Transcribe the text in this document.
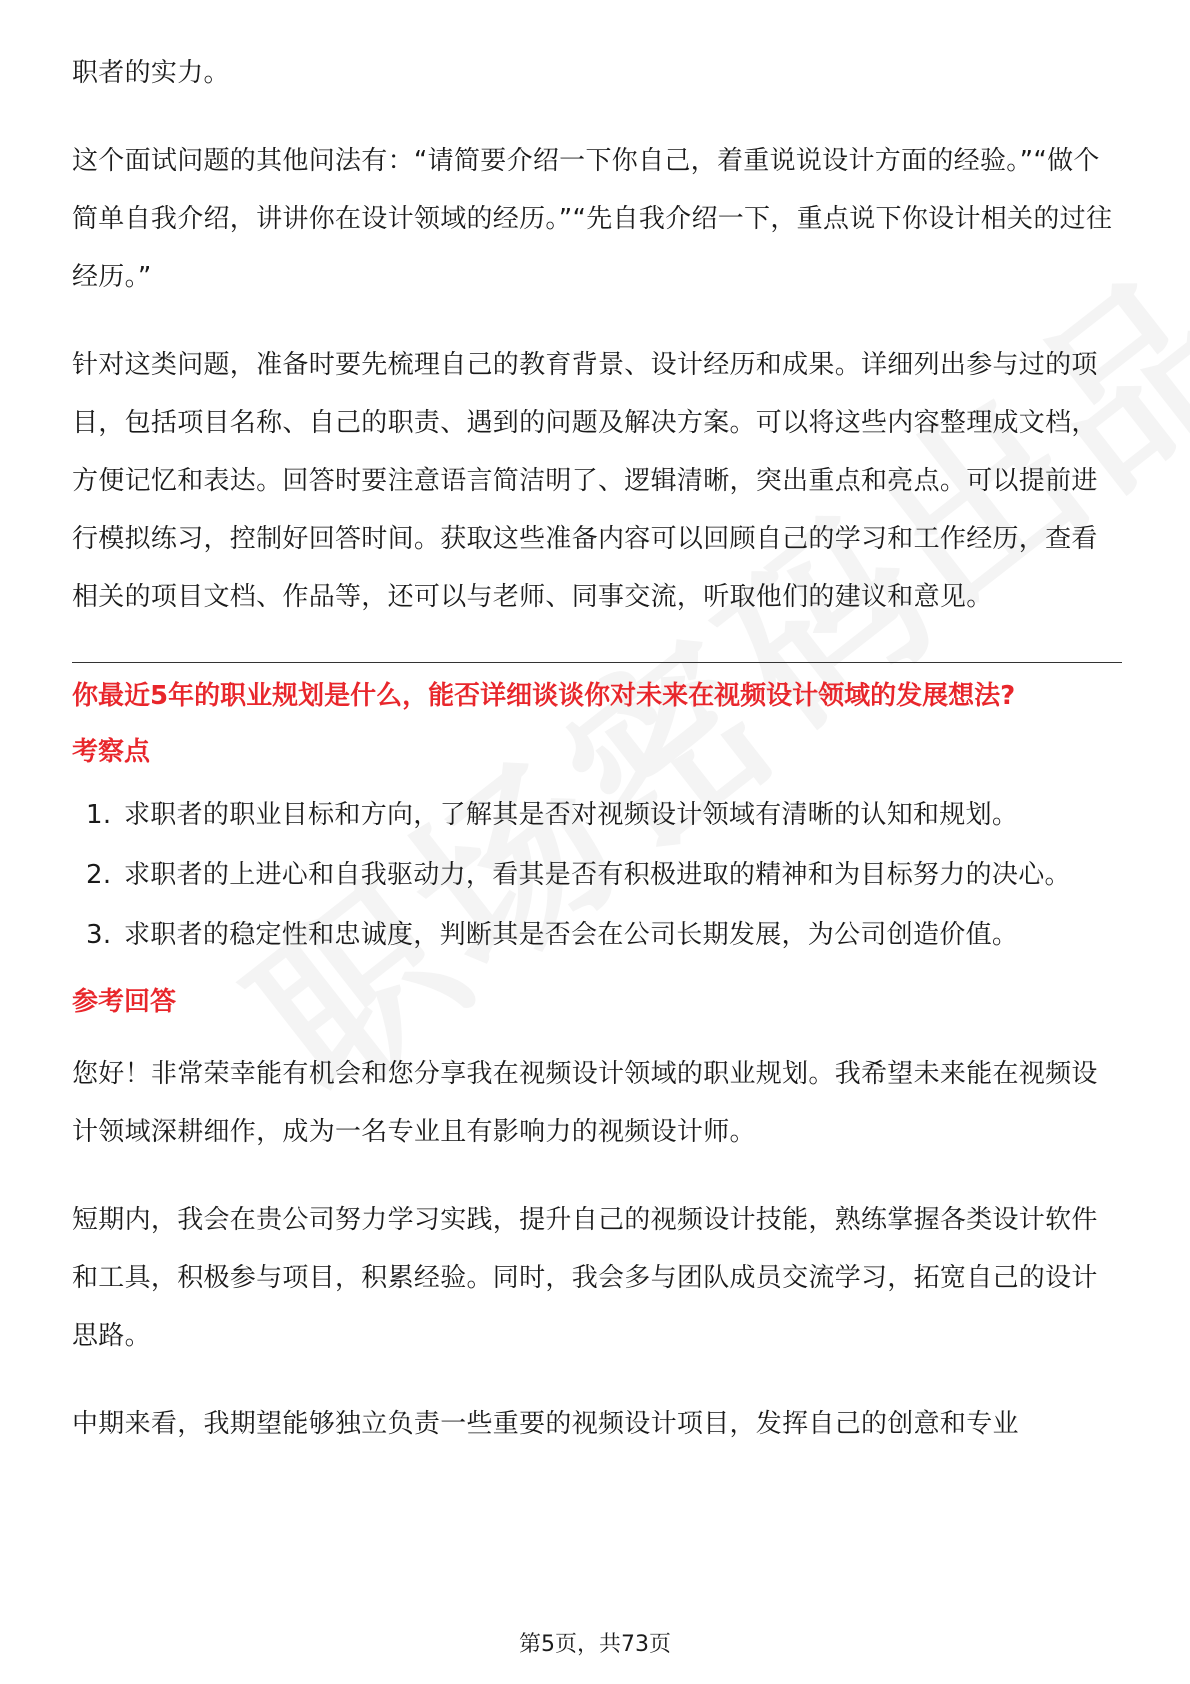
职者的实力。

这个面试问题的其他问法有：“请简要介绍一下你自己，着重说说设计方面的经验。”“做个简单自我介绍，讲讲你在设计领域的经历。”“先自我介绍一下，重点说下你设计相关的过往经历。”

针对这类问题，准备时要先梳理自己的教育背景、设计经历和成果。详细列出参与过的项目，包括项目名称、自己的职责、遇到的问题及解决方案。可以将这些内容整理成文档，方便记忆和表达。回答时要注意语言简洁明了、逻辑清晰，突出重点和亮点。可以提前进行模拟练习，控制好回答时间。获取这些准备内容可以回顾自己的学习和工作经历，查看相关的项目文档、作品等，还可以与老师、同事交流，听取他们的建议和意见。

你最近5年的职业规划是什么，能否详细谈谈你对未来在视频设计领域的发展想法?
考察点
1. 求职者的职业目标和方向，了解其是否对视频设计领域有清晰的认知和规划。
2. 求职者的上进心和自我驱动力，看其是否有积极进取的精神和为目标努力的决心。
3. 求职者的稳定性和忠诚度，判断其是否会在公司长期发展，为公司创造价值。
参考回答

您好！非常荣幸能有机会和您分享我在视频设计领域的职业规划。我希望未来能在视频设计领域深耕细作，成为一名专业且有影响力的视频设计师。

短期内，我会在贵公司努力学习实践，提升自己的视频设计技能，熟练掌握各类设计软件和工具，积极参与项目，积累经验。同时，我会多与团队成员交流学习，拓宽自己的设计思路。

中期来看，我期望能够独立负责一些重要的视频设计项目，发挥自己的创意和专业

第5页，共73页
